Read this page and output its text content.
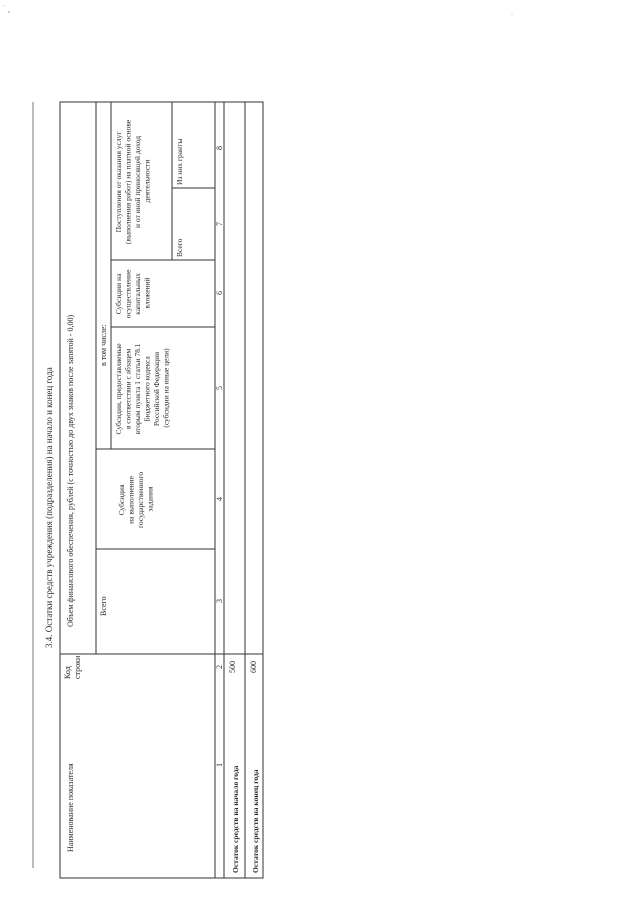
3.4. Остатки средств учреждения (подразделения) на начало и конец года
Наименование показателя
Код строки
Объем финансового обеспечения, рублей (с точностью до двух знаков после запятой - 0,00)	Всего
в том числе:
Субсидия на выполнение государственного задания
Субсидии, предоставляемые в соответствии с абзацем вторым пункта 1 статьи 78.1 Бюджетного кодекса Российской Федерации (субсидии на иные цели)
Субсидии на осуществление капитальных вложений
Поступления от оказания услуг (выполнения работ) на платной основе и от иной приносящей доход деятельности
Всего
Из них гранты
1
2
3
4
5
6
7
8
Остаток средств на начало года
500
Остаток средств на конец года
600
